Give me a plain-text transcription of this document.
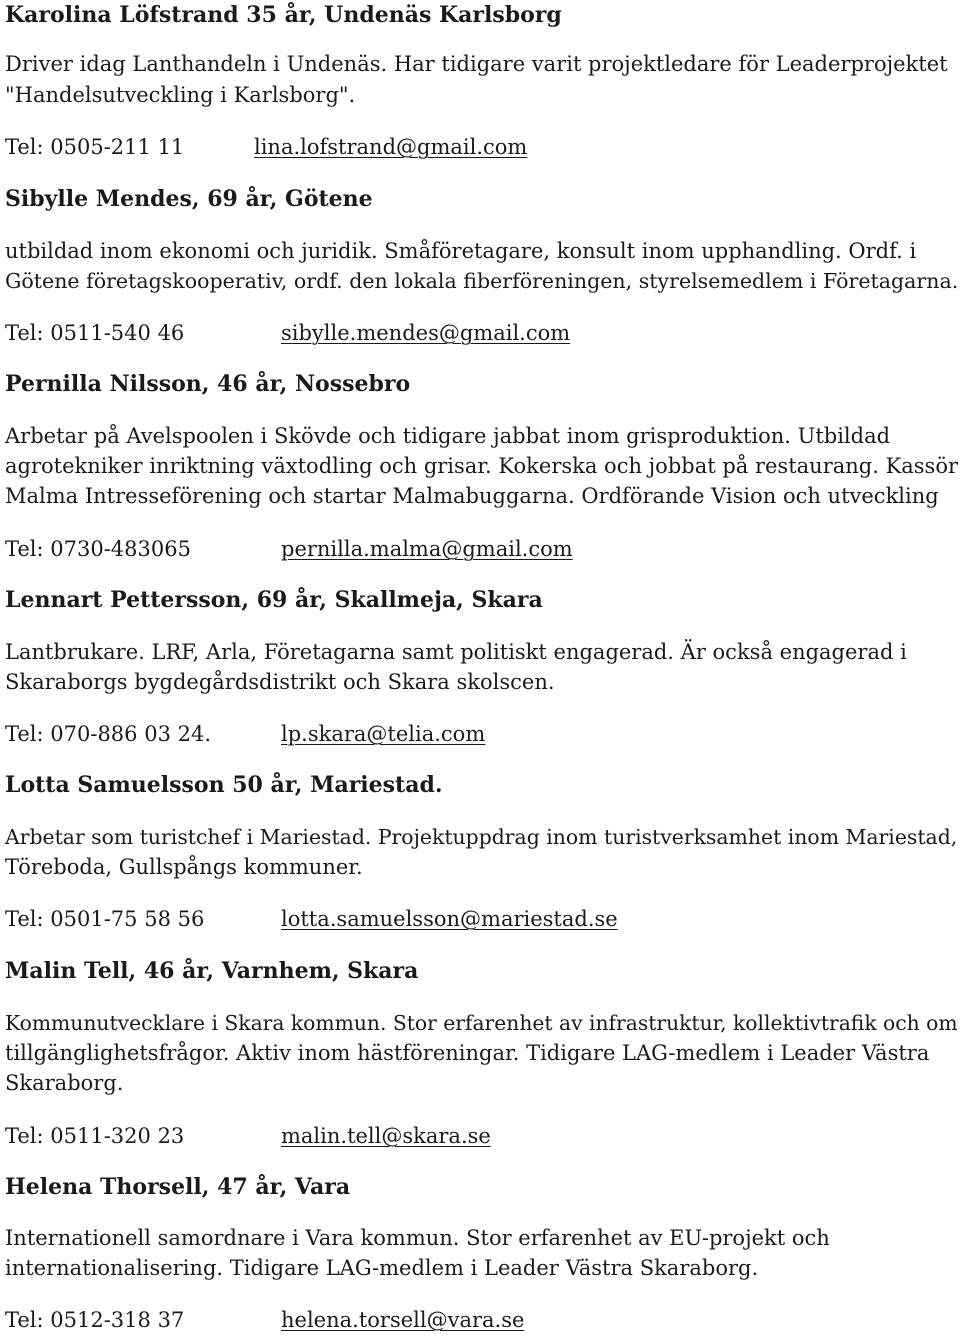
Karolina Löfstrand 35 år, Undenäs Karlsborg
Driver idag Lanthandeln i Undenäs. Har tidigare varit projektledare för Leaderprojektet
"Handelsutveckling i Karlsborg".
Tel: 0505-211 11	lina.lofstrand@gmail.com
Sibylle Mendes, 69 år, Götene
utbildad inom ekonomi och juridik. Småföretagare, konsult inom upphandling. Ordf. i
Götene företagskooperativ, ordf. den lokala fiberföreningen, styrelsemedlem i Företagarna.
Tel: 0511-540 46	sibylle.mendes@gmail.com
Pernilla Nilsson, 46 år, Nossebro
Arbetar på Avelspoolen i Skövde och tidigare jabbat inom grisproduktion. Utbildad
agrotekniker inriktning växtodling och grisar. Kokerska och jobbat på restaurang. Kassör
Malma Intresseförening och startar Malmabuggarna. Ordförande Vision och utveckling
Tel: 0730-483065	pernilla.malma@gmail.com
Lennart Pettersson, 69 år, Skallmeja, Skara
Lantbrukare. LRF, Arla, Företagarna samt politiskt engagerad. Är också engagerad i
Skaraborgs bygdegårdsdistrikt och Skara skolscen.
Tel: 070-886 03 24.	lp.skara@telia.com
Lotta Samuelsson 50 år, Mariestad.
Arbetar som turistchef i Mariestad. Projektuppdrag inom turistverksamhet inom Mariestad,
Töreboda, Gullspångs kommuner.
Tel: 0501-75 58 56	lotta.samuelsson@mariestad.se
Malin Tell, 46 år, Varnhem, Skara
Kommunutvecklare i Skara kommun. Stor erfarenhet av infrastruktur, kollektivtrafik och om
tillgänglighetsfrågor. Aktiv inom hästföreningar. Tidigare LAG-medlem i Leader Västra
Skaraborg.
Tel: 0511-320 23	malin.tell@skara.se
Helena Thorsell, 47 år, Vara
Internationell samordnare i Vara kommun. Stor erfarenhet av EU-projekt och
internationalisering. Tidigare LAG-medlem i Leader Västra Skaraborg.
Tel: 0512-318 37	helena.torsell@vara.se
